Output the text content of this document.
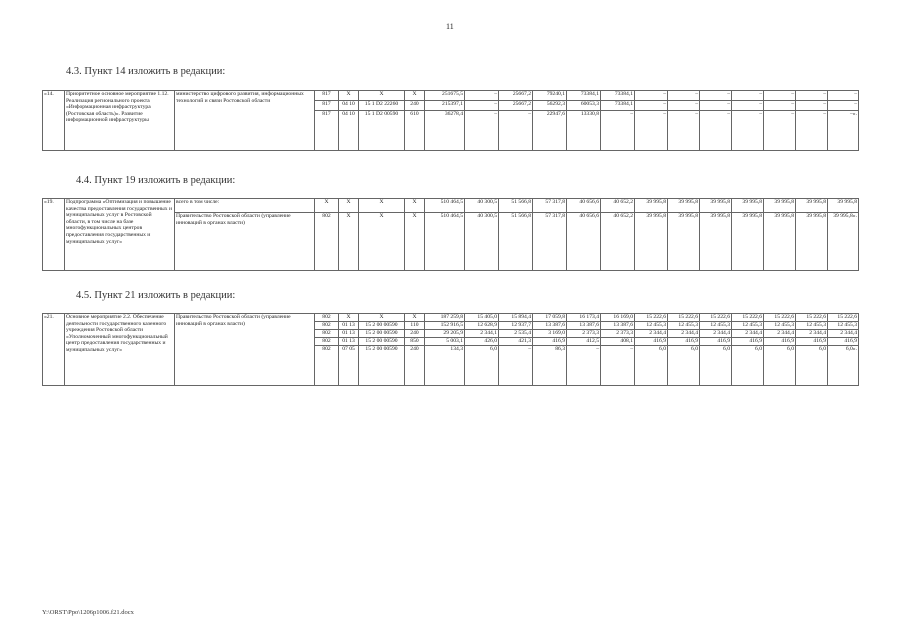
11
4.3. Пункт 14 изложить в редакции:
«14.	Приоритетное основное мероприятие 1.12. Реализация регионального проекта «Информационная инфраструктура (Ростовская область)». Развитие информационной инфраструктуры	министерство цифрового развития, информационных технологий и связи Ростовской области	817	X	X	X	251675,5	–	25667,2	79240,1	73384,1	73384,1	–	–	–	–	–	–	–
			817	04 10	15 1 D2 22260	240	215397,1	–	25667,2	56292,3	60053,3	73384,1	–	–	–	–	–	–	–
			817	04 10	15 1 D2 00590	610	36278,4	–	–	22947,6	13330,8	–	–	–	–	–	–	–	–».
4.4. Пункт 19 изложить в редакции:
«19.	Подпрограмма «Оптимизация и повышение качества предоставления государственных и муниципальных услуг в Ростовской области, в том числе на базе многофункциональных центров предоставления государственных и муниципальных услуг»	всего в том числе:	X	X	X	X	510 464,5	40 300,5	51 566,8	57 317,8	40 656,6	40 652,2	39 995,8	39 995,8	39 995,8	39 995,8	39 995,8	39 995,8	39 995,8
		Правительство Ростовской области (управление инноваций в органах власти)	802	X	X	X	510 464,5	40 300,5	51 566,8	57 317,8	40 656,6	40 652,2	39 995,8	39 995,8	39 995,8	39 995,8	39 995,8	39 995,8	39 995,8».
4.5. Пункт 21 изложить в редакции:
«21.	Основное мероприятие 2.2. Обеспечение деятельности государственного казенного учреждения Ростовской области «Уполномоченный многофункциональный центр предоставления государственных и муниципальных услуг»	Правительство Ростовской области (управление инноваций в органах власти)	802	X	X	X	187 259,8	15 405,0	15 894,4	17 059,8	16 173,4	16 169,0	15 222,6	15 222,6	15 222,6	15 222,6	15 222,6	15 222,6	15 222,6
			802	01 13	15 2 00 00590	110	152 916,5	12 628,9	12 937,7	13 387,6	13 387,6	13 387,6	12 455,3	12 455,3	12 455,3	12 455,3	12 455,3	12 455,3	12 455,3
			802	01 13	15 2 00 00590	240	29 205,9	2 344,1	2 535,4	3 169,0	2 373,3	2 373,3	2 344,4	2 344,4	2 344,4	2 344,4	2 344,4	2 344,4	2 344,4
			802	01 13	15 2 00 00590	850	5 003,1	426,0	421,3	416,9	412,5	408,1	416,9	416,9	416,9	416,9	416,9	416,9	416,9
			802	07 05	15 2 00 00590	240	134,3	6,0	–	86,3	–	–	6,0	6,0	6,0	6,0	6,0	6,0	6,0».
Y:\ORST\Ppo\1206p1006.f21.docx
